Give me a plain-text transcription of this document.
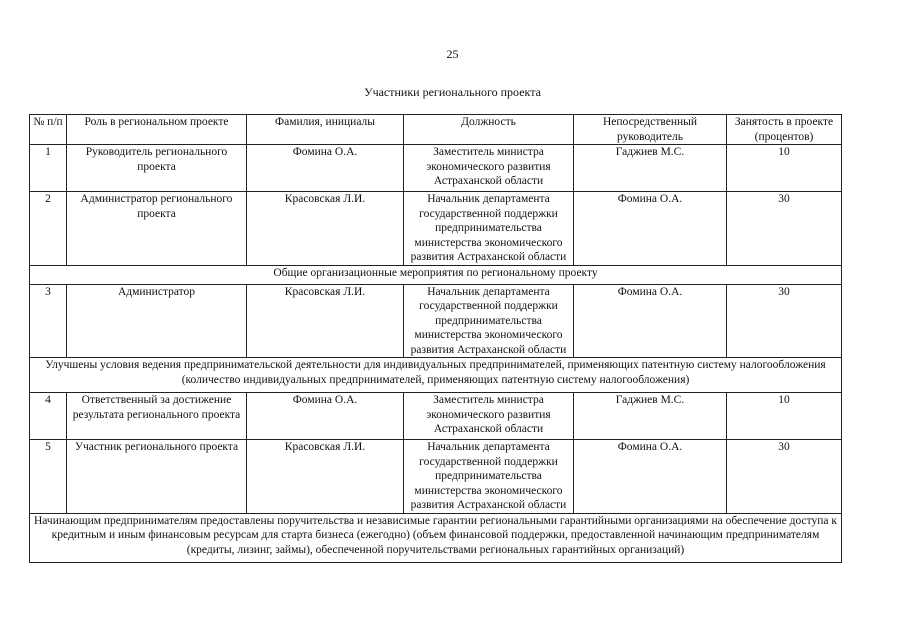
25
Участники регионального проекта
№ п/п	Роль в региональном проекте	Фамилия, инициалы	Должность	Непосредственный руководитель	Занятость в проекте (процентов)
1	Руководитель регионального проекта	Фомина О.А.	Заместитель министра экономического развития Астраханской области	Гаджиев М.С.	10
2	Администратор регионального проекта	Красовская Л.И.	Начальник департамента государственной поддержки предпринимательства министерства экономического развития Астраханской области	Фомина О.А.	30
Общие организационные мероприятия по региональному проекту					
3	Администратор	Красовская Л.И.	Начальник департамента государственной поддержки предпринимательства министерства экономического развития Астраханской области	Фомина О.А.	30
Улучшены условия ведения предпринимательской деятельности для индивидуальных предпринимателей, применяющих патентную систему налогообложения (количество индивидуальных предпринимателей, применяющих патентную систему налогообложения)					
4	Ответственный за достижение результата регионального проекта	Фомина О.А.	Заместитель министра экономического развития Астраханской области	Гаджиев М.С.	10
5	Участник регионального проекта	Красовская Л.И.	Начальник департамента государственной поддержки предпринимательства министерства экономического развития Астраханской области	Фомина О.А.	30
Начинающим предпринимателям предоставлены поручительства и независимые гарантии региональными гарантийными организациями на обеспечение доступа к кредитным и иным финансовым ресурсам для старта бизнеса (ежегодно) (объем финансовой поддержки, предоставленной начинающим предпринимателям (кредиты, лизинг, займы), обеспеченной поручительствами региональных гарантийных организаций)					
